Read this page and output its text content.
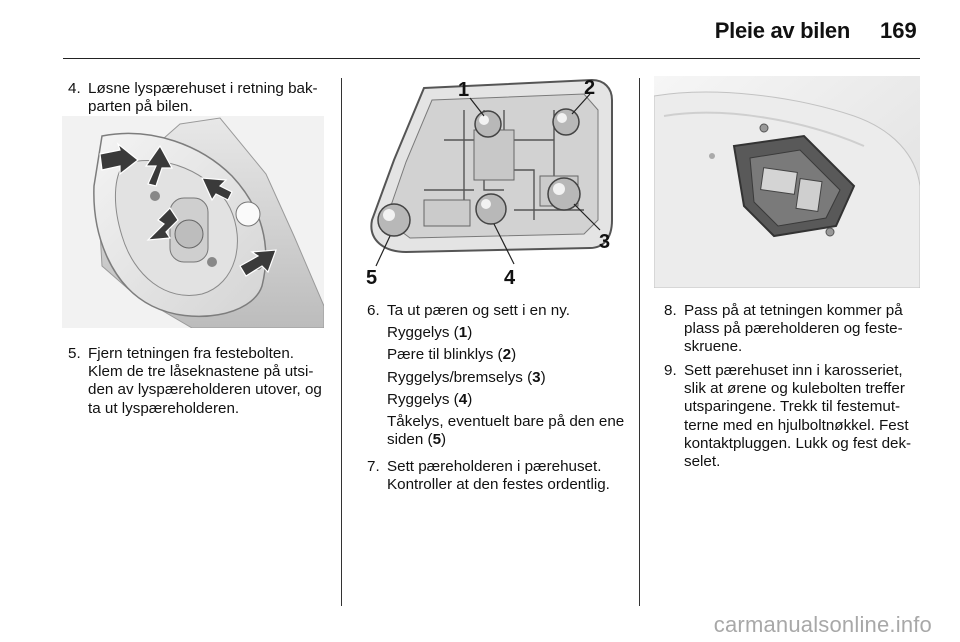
Pleie av bilen 169
4. Løsne lyspærehuset i retning bak-parten på bilen.
5. Fjern tetningen fra festebolten. Klem de tre låseknastene på utsi-den av lyspæreholderen utover, og ta ut lyspæreholderen.
1	2
3
4
5
6. Ta ut pæren og sett i en ny.
Ryggelys (1)
Pære til blinklys (2)
Ryggelys/bremselys (3)
Ryggelys (4)
Tåkelys, eventuelt bare på den ene siden (5)
7. Sett pæreholderen i pærehuset. Kontroller at den festes ordentlig.
8. Pass på at tetningen kommer på plass på pæreholderen og feste-skruene.
9. Sett pærehuset inn i karosseriet, slik at ørene og kulebolten treffer utsparingene. Trekk til festemut-terne med en hjulboltnøkkel. Fest kontaktpluggen. Lukk og fest dek-selet.
carmanualsonline.info
